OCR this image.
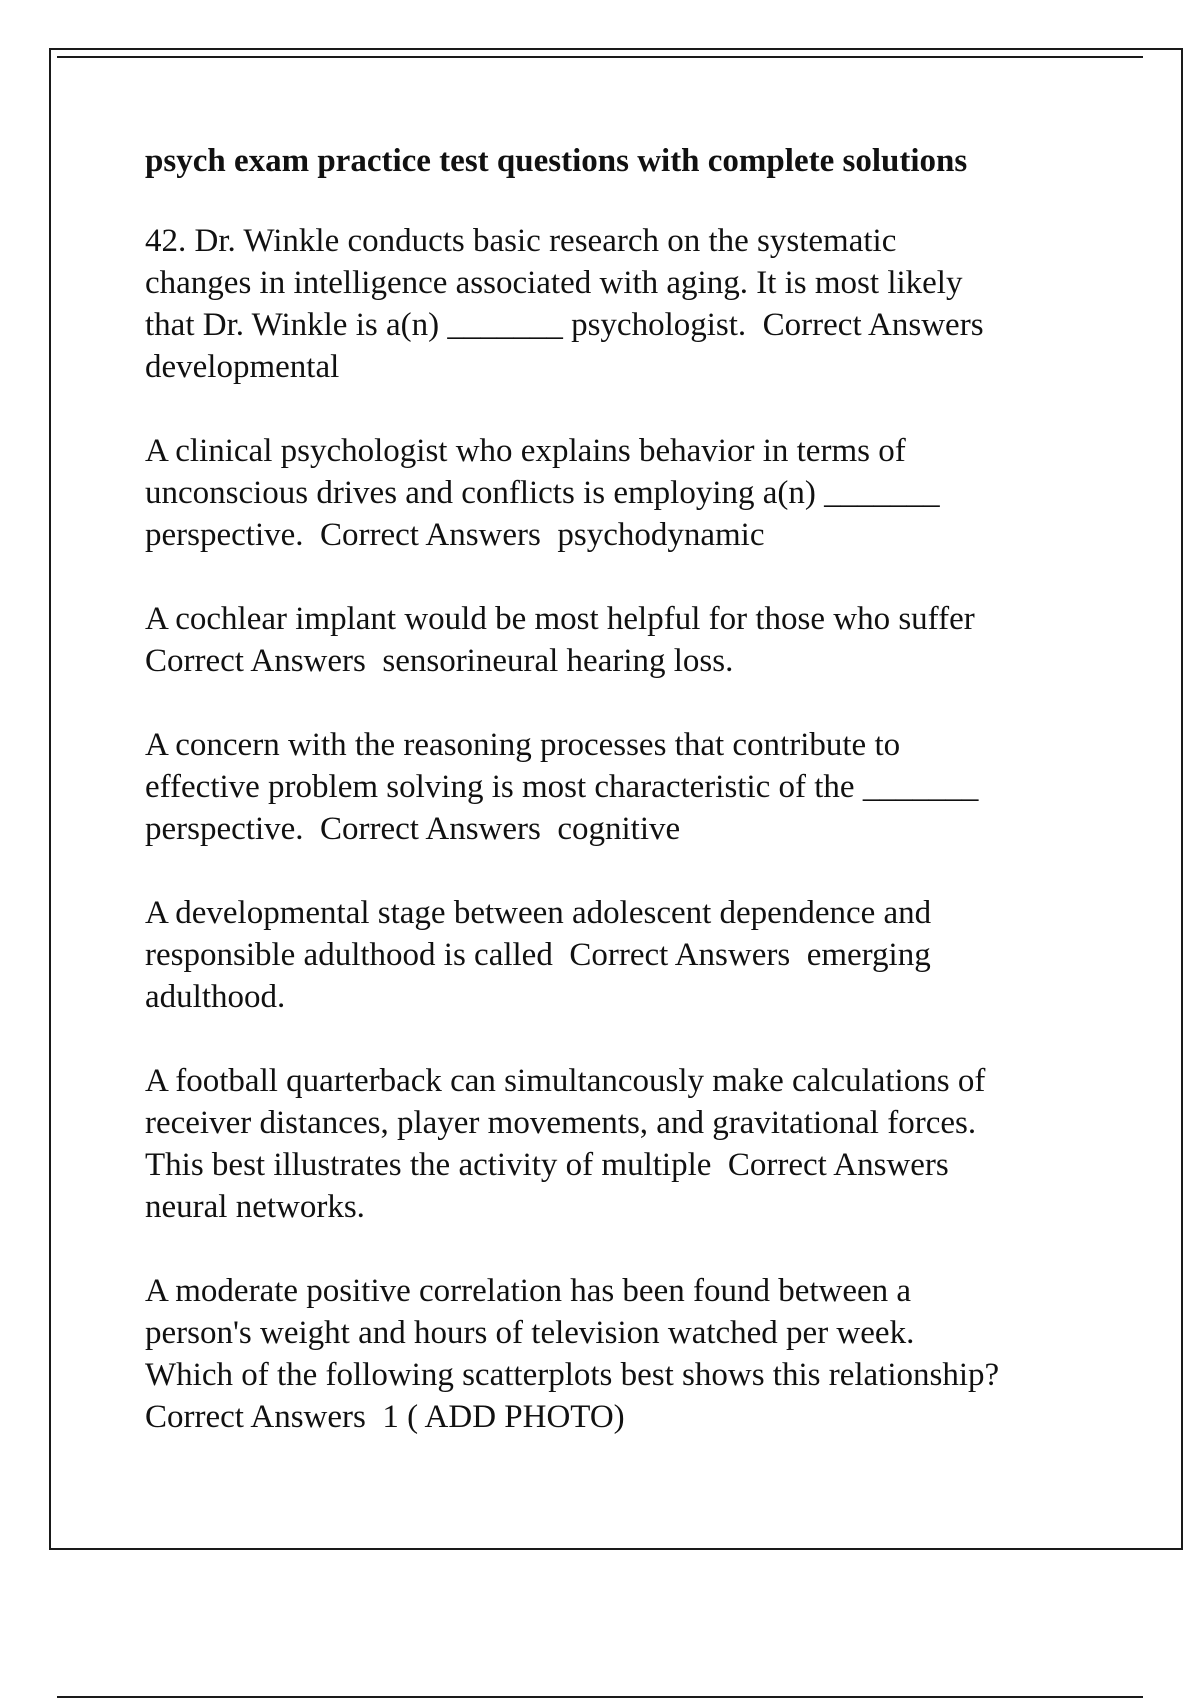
psych exam practice test questions with complete solutions
42. Dr. Winkle conducts basic research on the systematic
changes in intelligence associated with aging. It is most likely
that Dr. Winkle is a(n) _______ psychologist.  Correct Answers
developmental
A clinical psychologist who explains behavior in terms of
unconscious drives and conflicts is employing a(n) _______
perspective.  Correct Answers  psychodynamic
A cochlear implant would be most helpful for those who suffer
Correct Answers  sensorineural hearing loss.
A concern with the reasoning processes that contribute to
effective problem solving is most characteristic of the _______
perspective.  Correct Answers  cognitive
A developmental stage between adolescent dependence and
responsible adulthood is called  Correct Answers  emerging
adulthood.
A football quarterback can simultancously make calculations of
receiver distances, player movements, and gravitational forces.
This best illustrates the activity of multiple  Correct Answers
neural networks.
A moderate positive correlation has been found between a
person's weight and hours of television watched per week.
Which of the following scatterplots best shows this relationship?
Correct Answers  1 ( ADD PHOTO)
